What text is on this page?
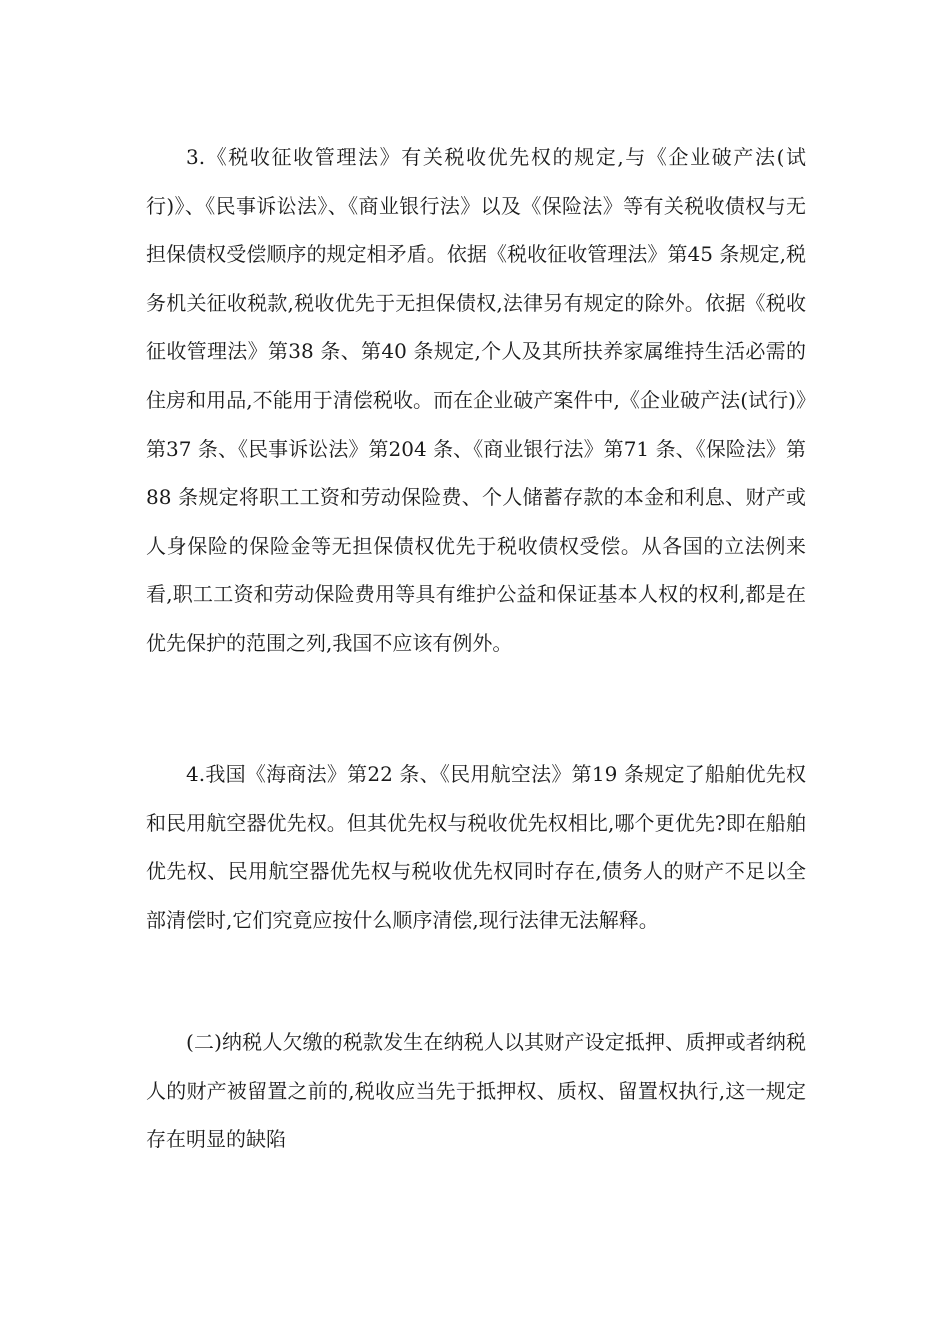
3.《税收征收管理法》有关税收优先权的规定,与《企业破产法(试行)》、《民事诉讼法》、《商业银行法》以及《保险法》等有关税收债权与无担保债权受偿顺序的规定相矛盾。依据《税收征收管理法》第45 条规定,税务机关征收税款,税收优先于无担保债权,法律另有规定的除外。依据《税收征收管理法》第38 条、第40 条规定,个人及其所扶养家属维持生活必需的住房和用品,不能用于清偿税收。而在企业破产案件中,《企业破产法(试行)》第37 条、《民事诉讼法》第204 条、《商业银行法》第71 条、《保险法》第88 条规定将职工工资和劳动保险费、个人储蓄存款的本金和利息、财产或人身保险的保险金等无担保债权优先于税收债权受偿。从各国的立法例来看,职工工资和劳动保险费用等具有维护公益和保证基本人权的权利,都是在优先保护的范围之列,我国不应该有例外。

4.我国《海商法》第22 条、《民用航空法》第19 条规定了船舶优先权和民用航空器优先权。但其优先权与税收优先权相比,哪个更优先?即在船舶优先权、民用航空器优先权与税收优先权同时存在,债务人的财产不足以全部清偿时,它们究竟应按什么顺序清偿,现行法律无法解释。

(二)纳税人欠缴的税款发生在纳税人以其财产设定抵押、质押或者纳税人的财产被留置之前的,税收应当先于抵押权、质权、留置权执行,这一规定存在明显的缺陷
